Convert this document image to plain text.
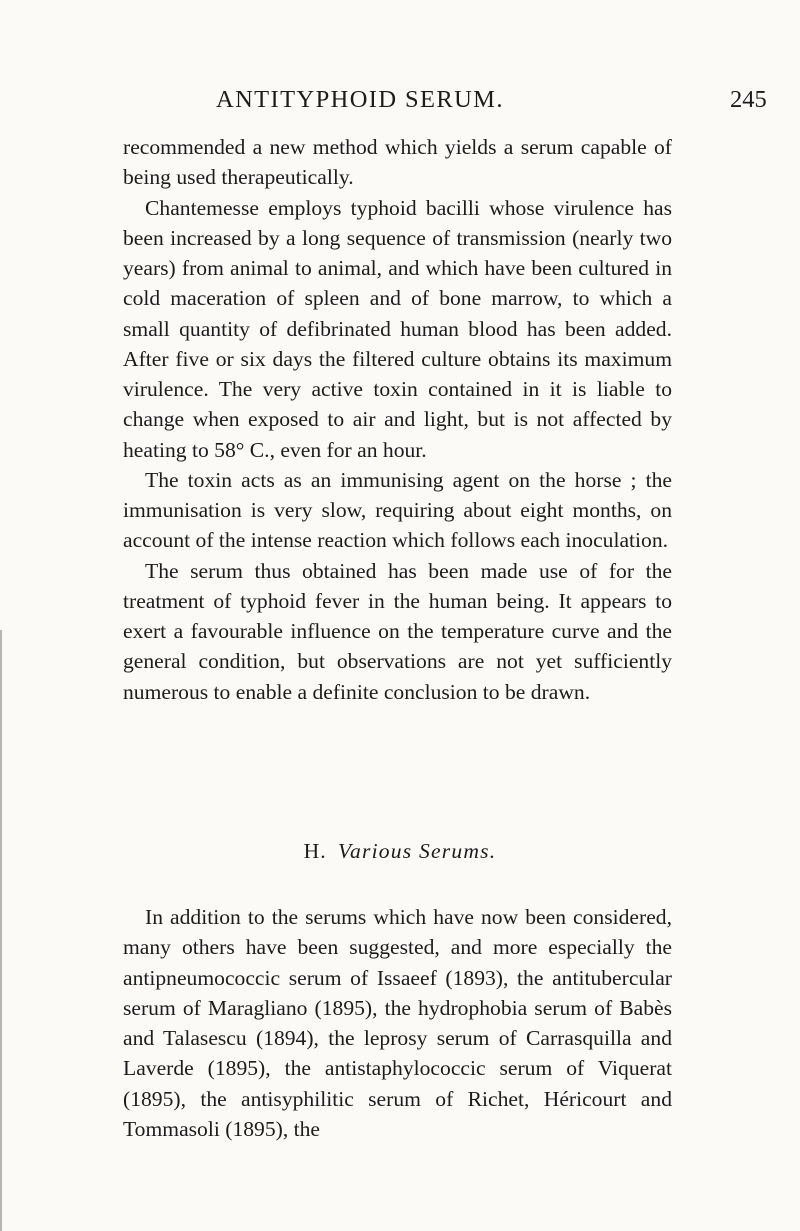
ANTITYPHOID SERUM.	245

recommended a new method which yields a serum capable of being used therapeutically.

Chantemesse employs typhoid bacilli whose virulence has been increased by a long sequence of transmission (nearly two years) from animal to animal, and which have been cultured in cold maceration of spleen and of bone marrow, to which a small quantity of defibrinated human blood has been added. After five or six days the filtered culture obtains its maximum virulence. The very active toxin contained in it is liable to change when exposed to air and light, but is not affected by heating to 58° C., even for an hour.

The toxin acts as an immunising agent on the horse ; the immunisation is very slow, requiring about eight months, on account of the intense reaction which follows each inoculation.

The serum thus obtained has been made use of for the treatment of typhoid fever in the human being. It appears to exert a favourable influence on the temperature curve and the general condition, but observations are not yet sufficiently numerous to enable a definite conclusion to be drawn.

H. Various Serums.

In addition to the serums which have now been considered, many others have been suggested, and more especially the antipneumococcic serum of Issaeef (1893), the antitubercular serum of Maragliano (1895), the hydrophobia serum of Babès and Talasescu (1894), the leprosy serum of Carrasquilla and Laverde (1895), the antistaphylococcic serum of Viquerat (1895), the antisyphilitic serum of Richet, Héricourt and Tommasoli (1895), the
